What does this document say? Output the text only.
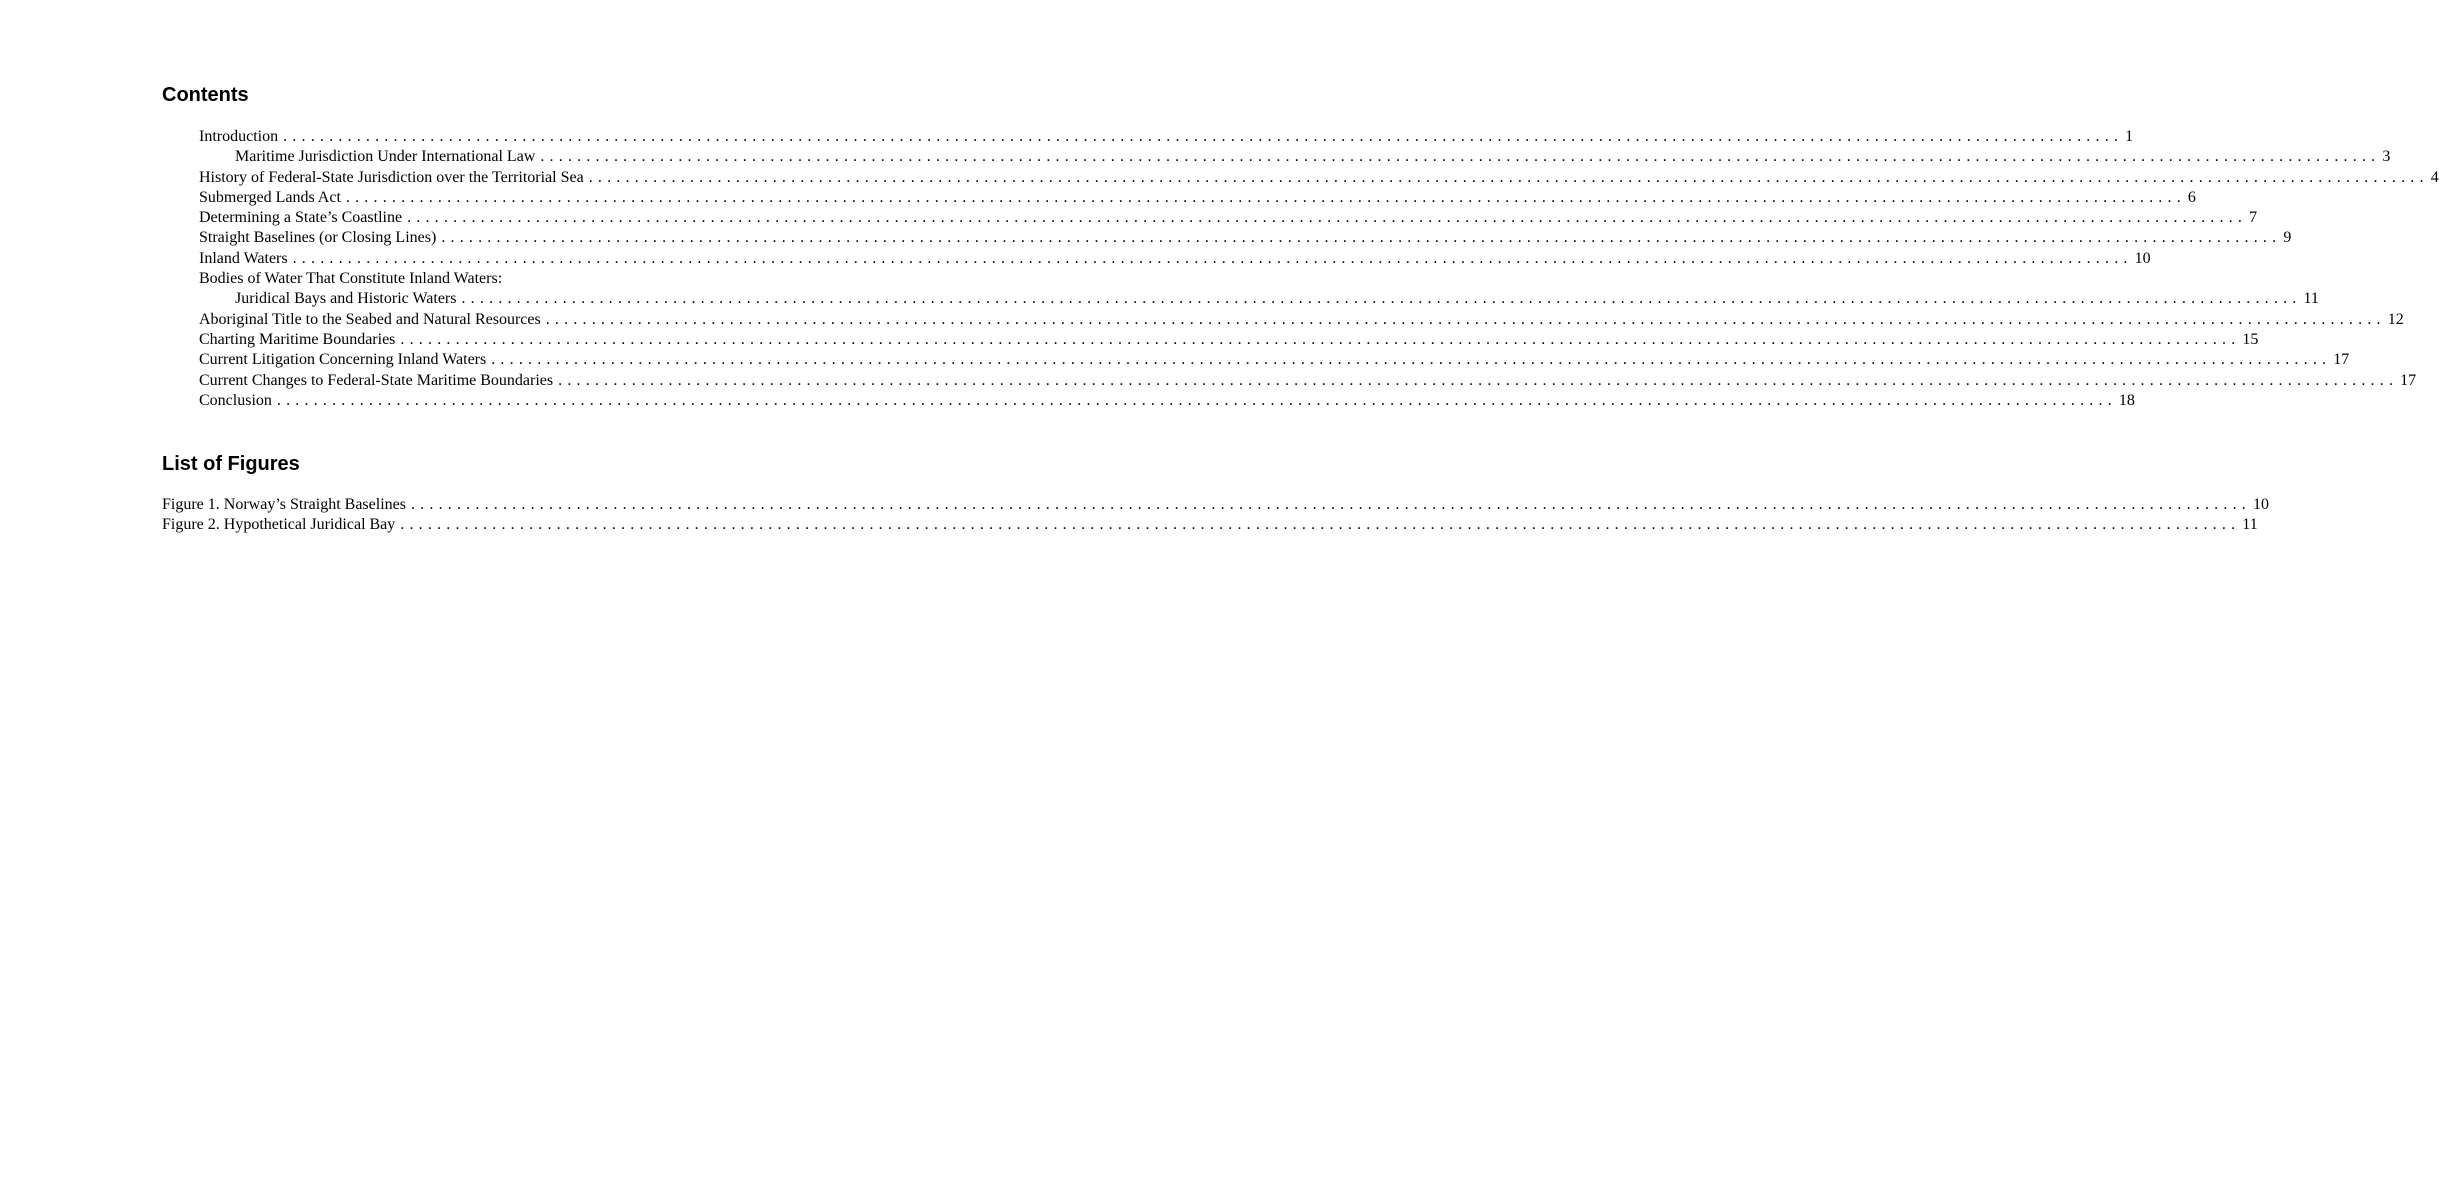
Contents
Introduction ........................................................................................................................................................................................................ 1
Maritime Jurisdiction Under International Law ........................................................................................................................................................................................................ 3
History of Federal-State Jurisdiction over the Territorial Sea ........................................................................................................................................................................................................ 4
Submerged Lands Act ........................................................................................................................................................................................................ 6
Determining a State’s Coastline ........................................................................................................................................................................................................ 7
Straight Baselines (or Closing Lines) ........................................................................................................................................................................................................ 9
Inland Waters ........................................................................................................................................................................................................ 10
Bodies of Water That Constitute Inland Waters:
Juridical Bays and Historic Waters ........................................................................................................................................................................................................ 11
Aboriginal Title to the Seabed and Natural Resources ........................................................................................................................................................................................................ 12
Charting Maritime Boundaries ........................................................................................................................................................................................................ 15
Current Litigation Concerning Inland Waters ........................................................................................................................................................................................................ 17
Current Changes to Federal-State Maritime Boundaries ........................................................................................................................................................................................................ 17
Conclusion ........................................................................................................................................................................................................ 18
List of Figures
Figure 1. Norway’s Straight Baselines ........................................................................................................................................................................................................ 10
Figure 2. Hypothetical Juridical Bay ........................................................................................................................................................................................................ 11
